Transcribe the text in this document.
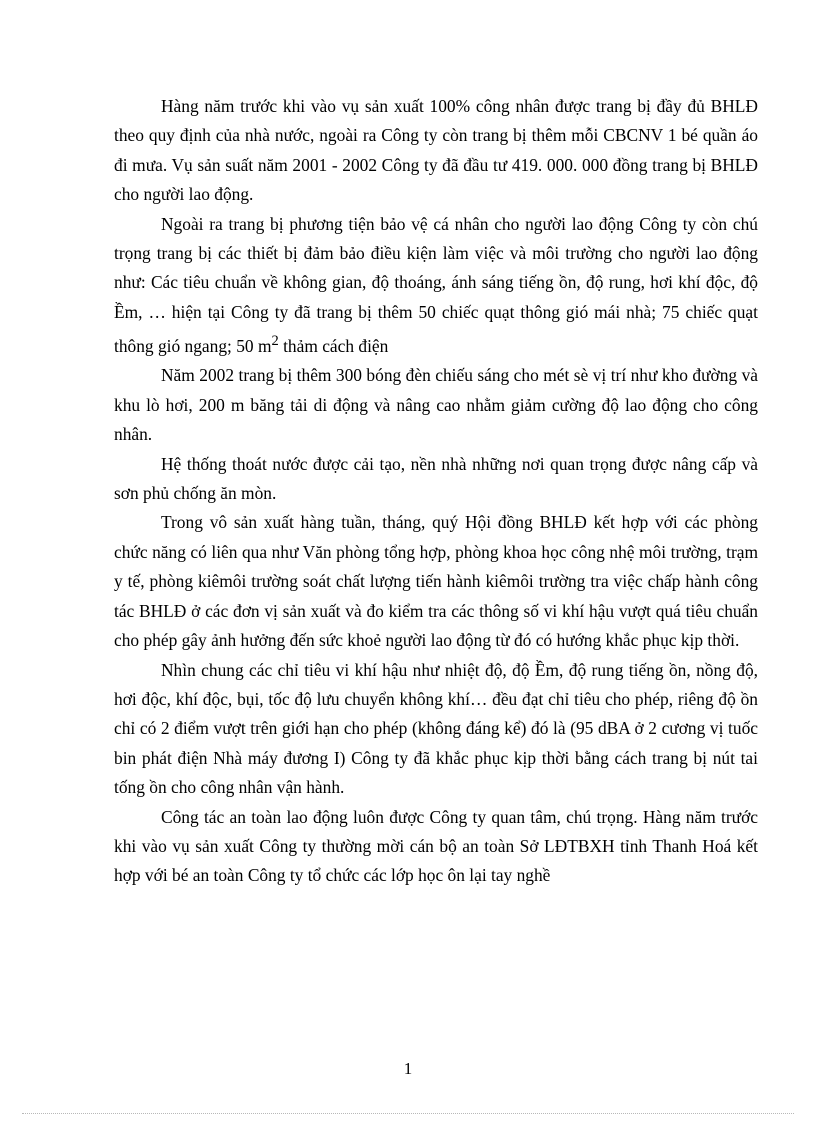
Hàng năm trước khi vào vụ sản xuất 100% công nhân được trang bị đầy đủ BHLĐ theo quy định của nhà nước, ngoài ra Công ty còn trang bị thêm mỗi CBCNV 1 bé quần áo đi mưa. Vụ sản suất năm 2001 - 2002 Công ty đã đầu tư 419. 000. 000 đồng trang bị BHLĐ cho người lao động.

Ngoài ra trang bị phương tiện bảo vệ cá nhân cho người lao động Công ty còn chú trọng trang bị các thiết bị đảm bảo điều kiện làm việc và môi trường cho người lao động như: Các tiêu chuẩn về không gian, độ thoáng, ánh sáng tiếng ồn, độ rung, hơi khí độc, độ Ềm, … hiện tại Công ty đã trang bị thêm 50 chiếc quạt thông gió mái nhà; 75 chiếc quạt thông gió ngang; 50 $m^2$ thảm cách điện

Năm 2002 trang bị thêm 300 bóng đèn chiếu sáng cho mét sè vị trí như kho đường và khu lò hơi, 200 m băng tải di động và nâng cao nhằm giảm cường độ lao động cho công nhân.

Hệ thống thoát nước được cải tạo, nền nhà những nơi quan trọng được nâng cấp và sơn phủ chống ăn mòn.

Trong vô sản xuất hàng tuần, tháng, quý Hội đồng BHLĐ kết hợp với các phòng chức năng có liên qua như Văn phòng tổng hợp, phòng khoa học công nhệ môi trường, trạm y tế, phòng kiêmôi trường soát chất lượng tiến hành kiêmôi trường tra việc chấp hành công tác BHLĐ ở các đơn vị sản xuất và đo kiểm tra các thông số vi khí hậu vượt quá tiêu chuẩn cho phép gây ảnh hưởng đến sức khoẻ người lao động từ đó có hướng khắc phục kịp thời.

Nhìn chung các chỉ tiêu vi khí hậu như nhiệt độ, độ Ềm, độ rung tiếng ồn, nồng độ, hơi độc, khí độc, bụi, tốc độ lưu chuyển không khí… đều đạt chỉ tiêu cho phép, riêng độ ồn chỉ có 2 điểm vượt trên giới hạn cho phép (không đáng kể) đó là (95 dBA ở 2 cương vị tuốc bin phát điện Nhà máy đương I) Công ty đã khắc phục kịp thời bằng cách trang bị nút tai tống ồn cho công nhân vận hành.

Công tác an toàn lao động luôn được Công ty quan tâm, chú trọng. Hàng năm trước khi vào vụ sản xuất Công ty thường mời cán bộ an toàn Sở LĐTBXH tỉnh Thanh Hoá kết hợp với bé an toàn Công ty tổ chức các lớp học ôn lại tay nghề

1
